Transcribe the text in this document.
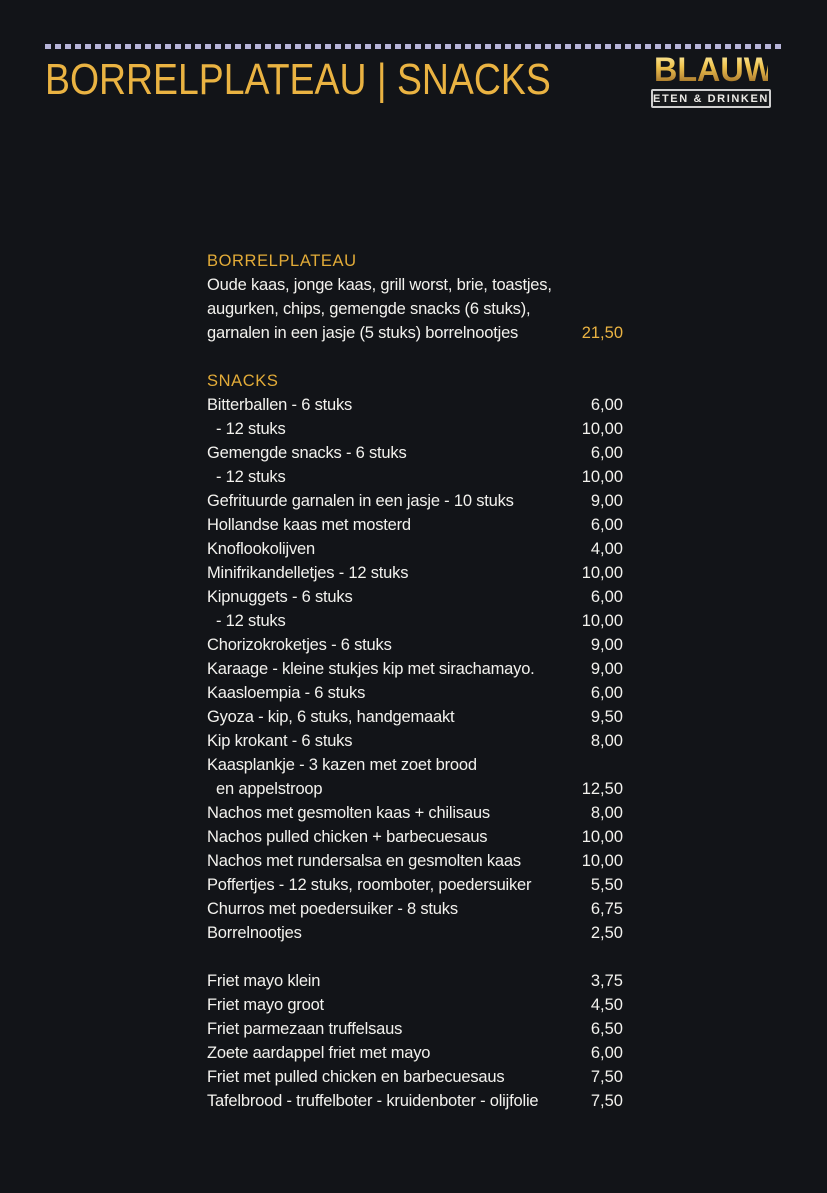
BORRELPLATEAU | SNACKS	BLAUW
ETEN & DRINKEN
BORRELPLATEAU
Oude kaas, jonge kaas, grill worst, brie, toastjes,
augurken, chips, gemengde snacks (6 stuks),
garnalen in een jasje (5 stuks) borrelnootjes	21,50
SNACKS
Bitterballen - 6 stuks	6,00
- 12 stuks	10,00
Gemengde snacks - 6 stuks	6,00
- 12 stuks	10,00
Gefrituurde garnalen in een jasje - 10 stuks	9,00
Hollandse kaas met mosterd	6,00
Knoflookolijven	4,00
Minifrikandelletjes - 12 stuks	10,00
Kipnuggets - 6 stuks	6,00
- 12 stuks	10,00
Chorizokroketjes - 6 stuks	9,00
Karaage - kleine stukjes kip met sirachamayo.	9,00
Kaasloempia - 6 stuks	6,00
Gyoza - kip, 6 stuks, handgemaakt	9,50
Kip krokant - 6 stuks	8,00
Kaasplankje - 3 kazen met zoet brood
en appelstroop	12,50
Nachos met gesmolten kaas + chilisaus	8,00
Nachos pulled chicken + barbecuesaus	10,00
Nachos met rundersalsa en gesmolten kaas	10,00
Poffertjes - 12 stuks, roomboter, poedersuiker	5,50
Churros met poedersuiker - 8 stuks	6,75
Borrelnootjes	2,50
Friet mayo klein	3,75
Friet mayo groot	4,50
Friet parmezaan truffelsaus	6,50
Zoete aardappel friet met mayo	6,00
Friet met pulled chicken en barbecuesaus	7,50
Tafelbrood - truffelboter - kruidenboter - olijfolie	7,50
